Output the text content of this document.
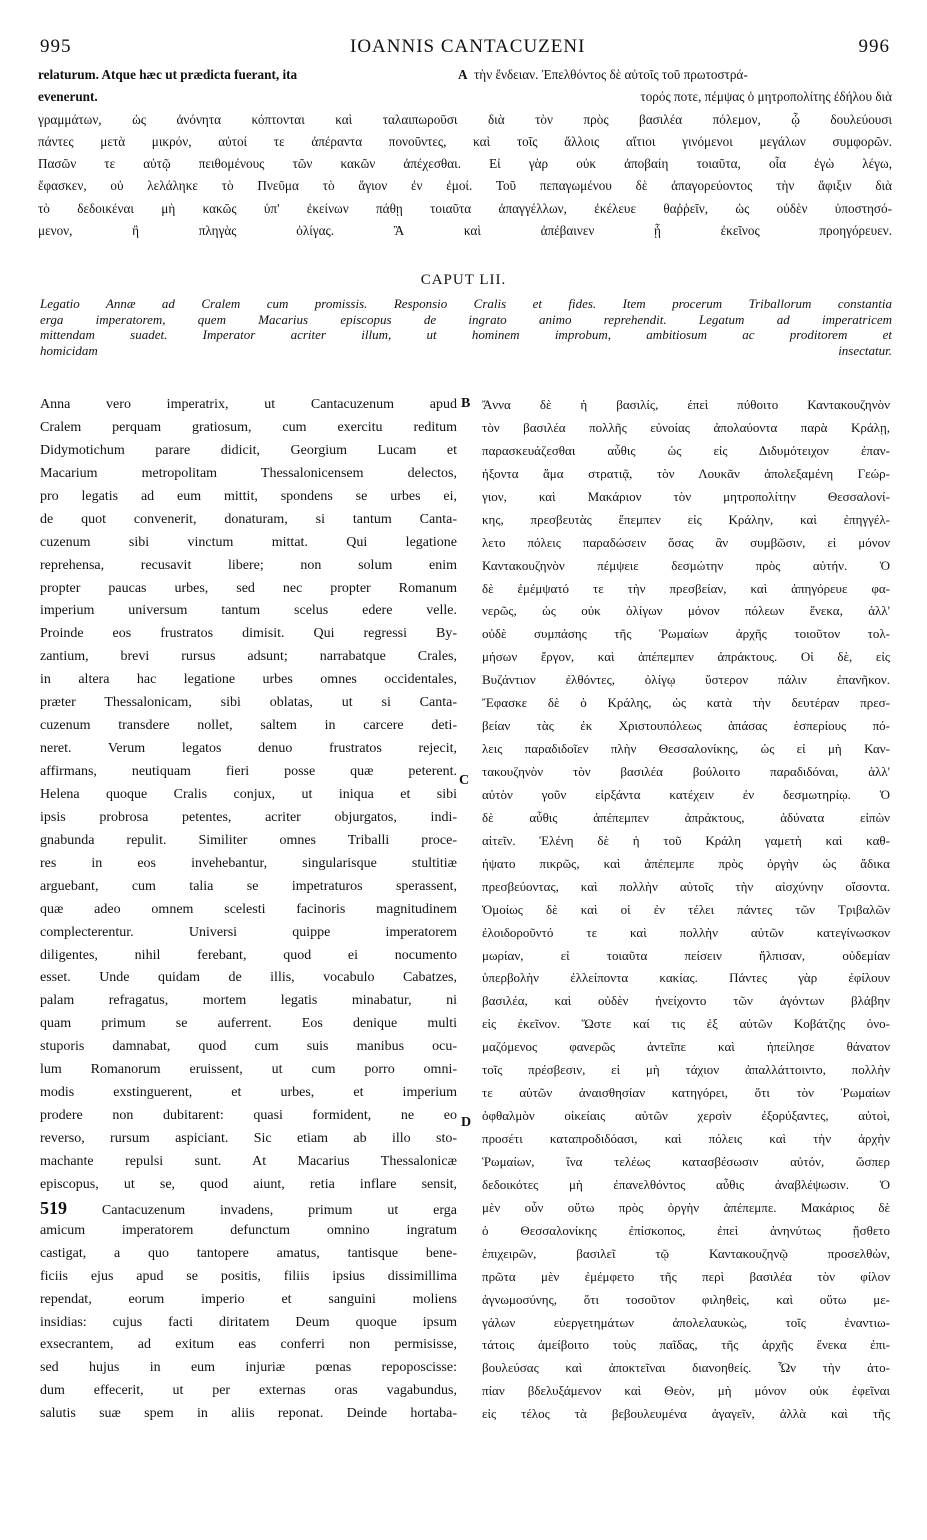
995	IOANNIS CANTACUZENI	996
relaturum. Atque hæc ut prædicta fuerant, ita	A τὴν ἔνδειαν. Ἐπελθόντος δὲ αὐτοῖς τοῦ πρωτοστρά-
evenerunt.	τορός ποτε, πέμψας ὁ μητροπολίτης ἐδήλου διὰ
γραμμάτων, ὡς ἀνόνητα κόπτονται καὶ ταλαιπωροῦσι διὰ τὸν πρὸς βασιλέα πόλεμον, ᾧ δουλεύουσι
πάντες μετὰ μικρόν, αὐτοί τε ἀπέραντα πονοῦντες, καὶ τοῖς ἄλλοις αἴτιοι γινόμενοι μεγάλων συμφορῶν.
Πασῶν τε αὐτῷ πειθομένους τῶν κακῶν ἀπέχεσθαι. Εἰ γὰρ οὐκ ἀποβαίη τοιαῦτα, οἷα ἐγὼ λέγω,
ἔφασκεν, οὐ λελάληκε τὸ Πνεῦμα τὸ ἅγιον ἐν ἐμοί. Τοῦ πεπαγωμένου δὲ ἀπαγορεύοντος τὴν ἄφιξιν διὰ
τὸ δεδοικέναι μὴ κακῶς ὑπ' ἐκείνων πάθῃ τοιαῦτα ἀπαγγέλλων, ἐκέλευε θαῤῥεῖν, ὡς οὐδὲν ὑποστησό-
μενον, ἢ πληγὰς ὀλίγας. Ἃ καὶ ἀπέβαινεν ᾗ ἐκεῖνος προηγόρευεν.
CAPUT LII.
Legatio Annæ ad Cralem cum promissis. Responsio Cralis et fides. Item procerum Triballorum constantia
erga imperatorem, quem Macarius episcopus de ingrato animo reprehendit. Legatum ad imperatricem
mittendam suadet. Imperator acriter illum, ut hominem improbum, ambitiosum ac proditorem et
homicidam insectatur.
B
C
D
Anna vero imperatrix, ut Cantacuzenum apud
Cralem perquam gratiosum, cum exercitu reditum
Didymotichum parare didicit, Georgium Lucam et
Macarium metropolitam Thessalonicensem delectos,
pro legatis ad eum mittit, spondens se urbes ei,
de quot convenerit, donaturam, si tantum Canta-
cuzenum sibi vinctum mittat. Qui legatione
reprehensa, recusavit libere; non solum enim
propter paucas urbes, sed nec propter Romanum
imperium universum tantum scelus edere velle.
Proinde eos frustratos dimisit. Qui regressi By-
zantium, brevi rursus adsunt; narrabatque Crales,
in altera hac legatione urbes omnes occidentales,
præter Thessalonicam, sibi oblatas, ut si Canta-
cuzenum transdere nollet, saltem in carcere deti-
neret. Verum legatos denuo frustratos rejecit,
affirmans, neutiquam fieri posse quæ peterent.
Helena quoque Cralis conjux, ut iniqua et sibi
ipsis probrosa petentes, acriter objurgatos, indi-
gnabunda repulit. Similiter omnes Triballi proce-
res in eos invehebantur, singularisque stultitiæ
arguebant, cum talia se impetraturos sperassent,
quæ adeo omnem scelesti facinoris magnitudinem
complecterentur. Universi quippe imperatorem
diligentes, nihil ferebant, quod ei nocumento
esset. Unde quidam de illis, vocabulo Cabatzes,
palam refragatus, mortem legatis minabatur, ni
quam primum se auferrent. Eos denique multi
stuporis damnabat, quod cum suis manibus ocu-
lum Romanorum eruissent, ut cum porro omni-
modis exstinguerent, et urbes, et imperium
prodere non dubitarent: quasi formident, ne eo
reverso, rursum aspiciant. Sic etiam ab illo sto-
machante repulsi sunt. At Macarius Thessalonicæ
episcopus, ut se, quod aiunt, retia inflare sensit,
519 Cantacuzenum invadens, primum ut erga
amicum imperatorem defunctum omnino ingratum
castigat, a quo tantopere amatus, tantisque bene-
ficiis ejus apud se positis, filiis ipsius dissimillima
rependat, eorum imperio et sanguini moliens
insidias: cujus facti diritatem Deum quoque ipsum
exsecrantem, ad exitum eas conferri non permisisse,
sed hujus in eum injuriæ pœnas repoposcisse:
dum effecerit, ut per externas oras vagabundus,
salutis suæ spem in aliis reponat. Deinde hortaba-
Ἄννα δὲ ἡ βασιλίς, ἐπεὶ πύθοιτο Καντακουζηνὸν
τὸν βασιλέα πολλῆς εὐνοίας ἀπολαύοντα παρὰ Κράλῃ,
παρασκευάζεσθαι αὖθις ὡς εἰς Διδυμότειχον ἐπαν-
ήξοντα ἅμα στρατιᾷ, τὸν Λουκᾶν ἀπολεξαμένη Γεώρ-
γιον, καὶ Μακάριον τὸν μητροπολίτην Θεσσαλονί-
κης, πρεσβευτὰς ἔπεμπεν εἰς Κράλην, καὶ ἐπηγγέλ-
λετο πόλεις παραδώσειν ὅσας ἂν συμβῶσιν, εἰ μόνον
Καντακουζηνὸν πέμψειε δεσμώτην πρὸς αὐτήν. Ὁ
δὲ ἐμέμψατό τε τὴν πρεσβείαν, καὶ ἀπηγόρευε φα-
νερῶς, ὡς οὐκ ὀλίγων μόνον πόλεων ἕνεκα, ἀλλ'
οὐδὲ συμπάσης τῆς Ῥωμαίων ἀρχῆς τοιοῦτον τολ-
μήσων ἔργον, καὶ ἀπέπεμπεν ἀπράκτους. Οἱ δὲ, εἰς
Βυζάντιον ἐλθόντες, ὀλίγῳ ὕστερον πάλιν ἐπανῆκον.
Ἔφασκε δὲ ὁ Κράλης, ὡς κατὰ τὴν δευτέραν πρεσ-
βείαν τὰς ἐκ Χριστουπόλεως ἁπάσας ἑσπερίους πό-
λεις παραδιδοῖεν πλὴν Θεσσαλονίκης, ὡς εἰ μὴ Καν-
τακουζηνὸν τὸν βασιλέα βούλοιτο παραδιδόναι, ἀλλ'
αὐτὸν γοῦν εἱρξάντα κατέχειν ἐν δεσμωτηρίῳ. Ὁ
δὲ αὖθις ἀπέπεμπεν ἀπράκτους, ἀδύνατα εἰπὼν
αἰτεῖν. Ἑλένη δὲ ἡ τοῦ Κράλη γαμετὴ καὶ καθ-
ήψατο πικρῶς, καὶ ἀπέπεμπε πρὸς ὀργὴν ὡς ἄδικα
πρεσβεύοντας, καὶ πολλὴν αὐτοῖς τὴν αἰσχύνην οἴσοντα.
Ὁμοίως δὲ καὶ οἱ ἐν τέλει πάντες τῶν Τριβαλῶν
ἐλοιδοροῦντό τε καὶ πολλὴν αὐτῶν κατεγίνωσκον
μωρίαν, εἰ τοιαῦτα πείσειν ἤλπισαν, οὐδεμίαν
ὑπερβολὴν ἐλλείποντα κακίας. Πάντες γὰρ ἐφίλουν
βασιλέα, καὶ οὐδὲν ἠνείχοντο τῶν ἀγόντων βλάβην
εἰς ἐκεῖνον. Ὥστε καί τις ἐξ αὐτῶν Κοβάτζης ὀνο-
μαζόμενος φανερῶς ἀντεῖπε καὶ ἠπείλησε θάνατον
τοῖς πρέσβεσιν, εἰ μὴ τάχιον ἀπαλλάττοιντο, πολλὴν
τε αὐτῶν ἀναισθησίαν κατηγόρει, ὅτι τὸν Ῥωμαίων
ὀφθαλμὸν οἰκείαις αὐτῶν χερσὶν ἐξορύξαντες, αὐτοὶ,
προσέτι καταπροδιδόασι, καὶ πόλεις καὶ τὴν ἀρχὴν
Ῥωμαίων, ἵνα τελέως κατασβέσωσιν αὐτόν, ὥσπερ
δεδοικότες μὴ ἐπανελθόντος αὖθις ἀναβλέψωσιν. Ὁ
μὲν οὖν οὕτω πρὸς ὀργὴν ἀπέπεμπε. Μακάριος δὲ
ὁ Θεσσαλονίκης ἐπίσκοπος, ἐπεὶ ἀνηνύτως ᾔσθετο
ἐπιχειρῶν, βασιλεῖ τῷ Καντακουζηνῷ προσελθὼν,
πρῶτα μὲν ἐμέμφετο τῆς περὶ βασιλέα τὸν φίλον
ἀγνωμοσύνης, ὅτι τοσοῦτον φιληθεὶς, καὶ οὕτω με-
γάλων εὐεργετημάτων ἀπολελαυκὼς, τοῖς ἐναντιω-
τάτοις ἀμείβοιτο τοὺς παῖδας, τῆς ἀρχῆς ἕνεκα ἐπι-
βουλεύσας καὶ ἀποκτεῖναι διανοηθείς. Ὧν τὴν ἀτο-
πίαν βδελυξάμενον καὶ Θεὸν, μὴ μόνον οὐκ ἐφεῖναι
εἰς τέλος τὰ βεβουλευμένα ἀγαγεῖν, ἀλλὰ καὶ τῆς
